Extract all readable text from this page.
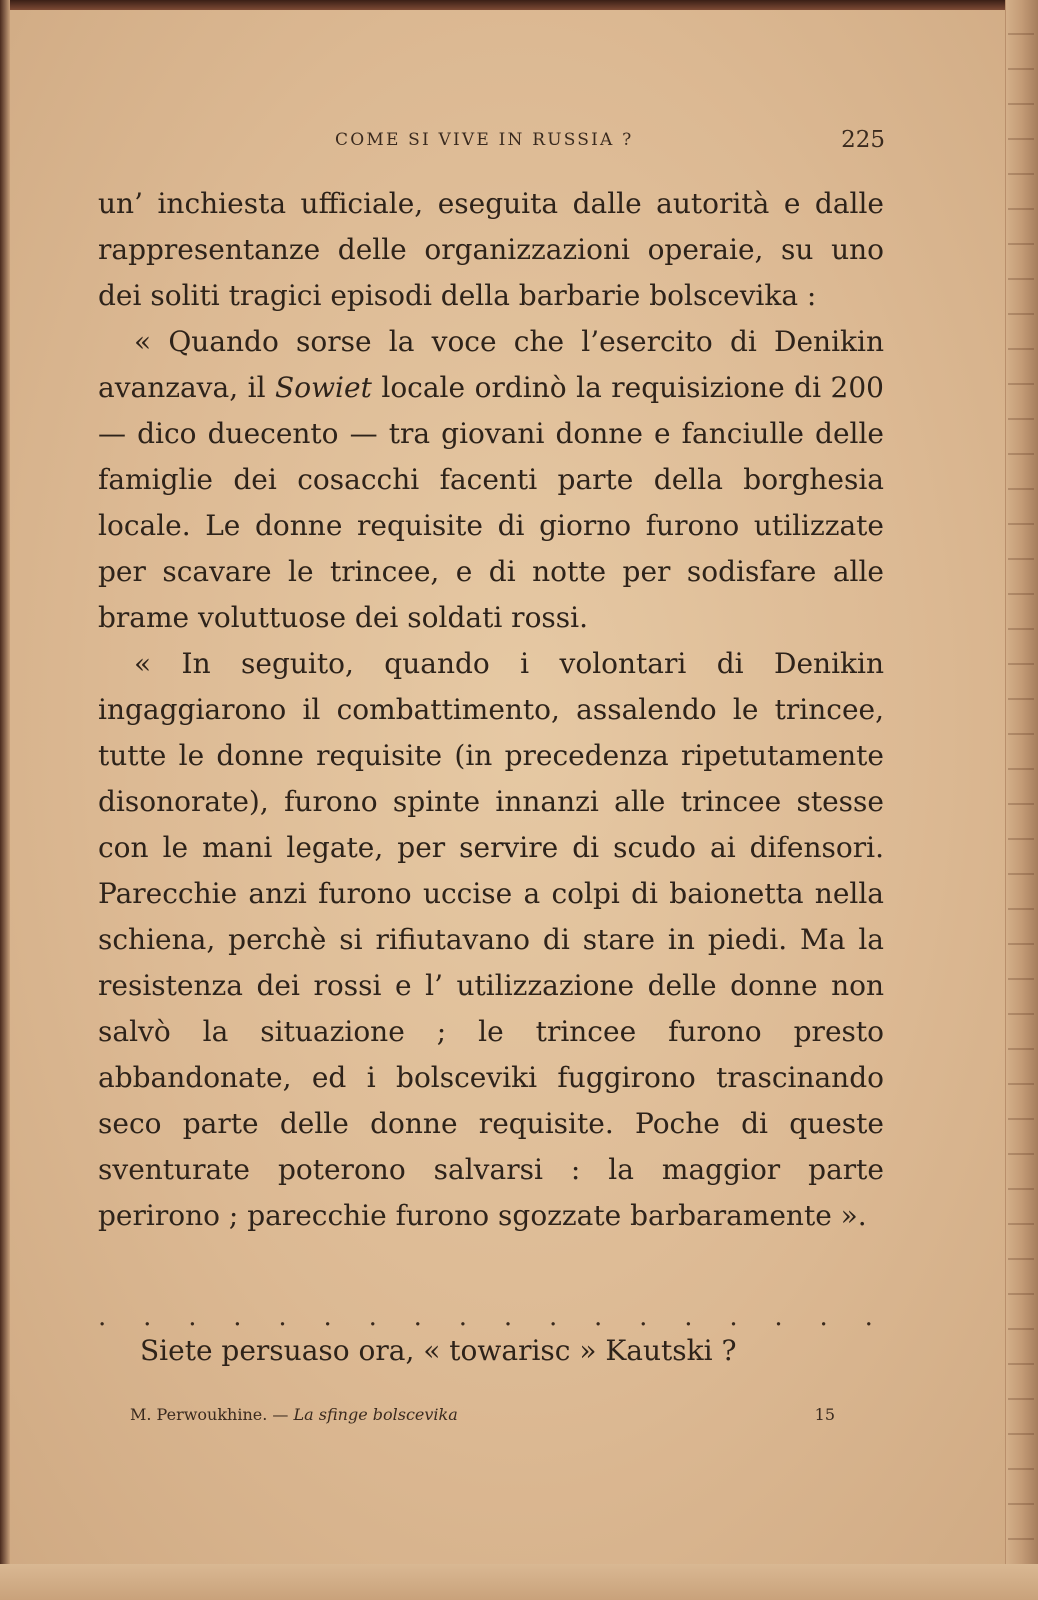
COME SI VIVE IN RUSSIA ?	225

un’ inchiesta ufficiale, eseguita dalle autorità e dalle rappresentanze delle organizzazioni operaie, su uno dei soliti tragici episodi della barbarie bolscevika :

« Quando sorse la voce che l’esercito di Denikin avanzava, il Sowiet locale ordinò la requisizione di 200 — dico duecento — tra giovani donne e fanciulle delle famiglie dei cosacchi facenti parte della borghesia locale. Le donne requisite di giorno furono utilizzate per scavare le trincee, e di notte per sodisfare alle brame voluttuose dei soldati rossi.

« In seguito, quando i volontari di Denikin ingaggiarono il combattimento, assalendo le trincee, tutte le donne requisite (in precedenza ripetutamente disonorate), furono spinte innanzi alle trincee stesse con le mani legate, per servire di scudo ai difensori. Parecchie anzi furono uccise a colpi di baionetta nella schiena, perchè si rifiutavano di stare in piedi. Ma la resistenza dei rossi e l’ utilizzazione delle donne non salvò la situazione ; le trincee furono presto abbandonate, ed i bolsceviki fuggirono trascinando seco parte delle donne requisite. Poche di queste sventurate poterono salvarsi : la maggior parte perirono ; parecchie furono sgozzate barbaramente ».

. . . . . . . . . . . . . . . . . .
Siete persuaso ora, « towarisc » Kautski ?
M. Perwoukhine. — La sfinge bolscevika	15
